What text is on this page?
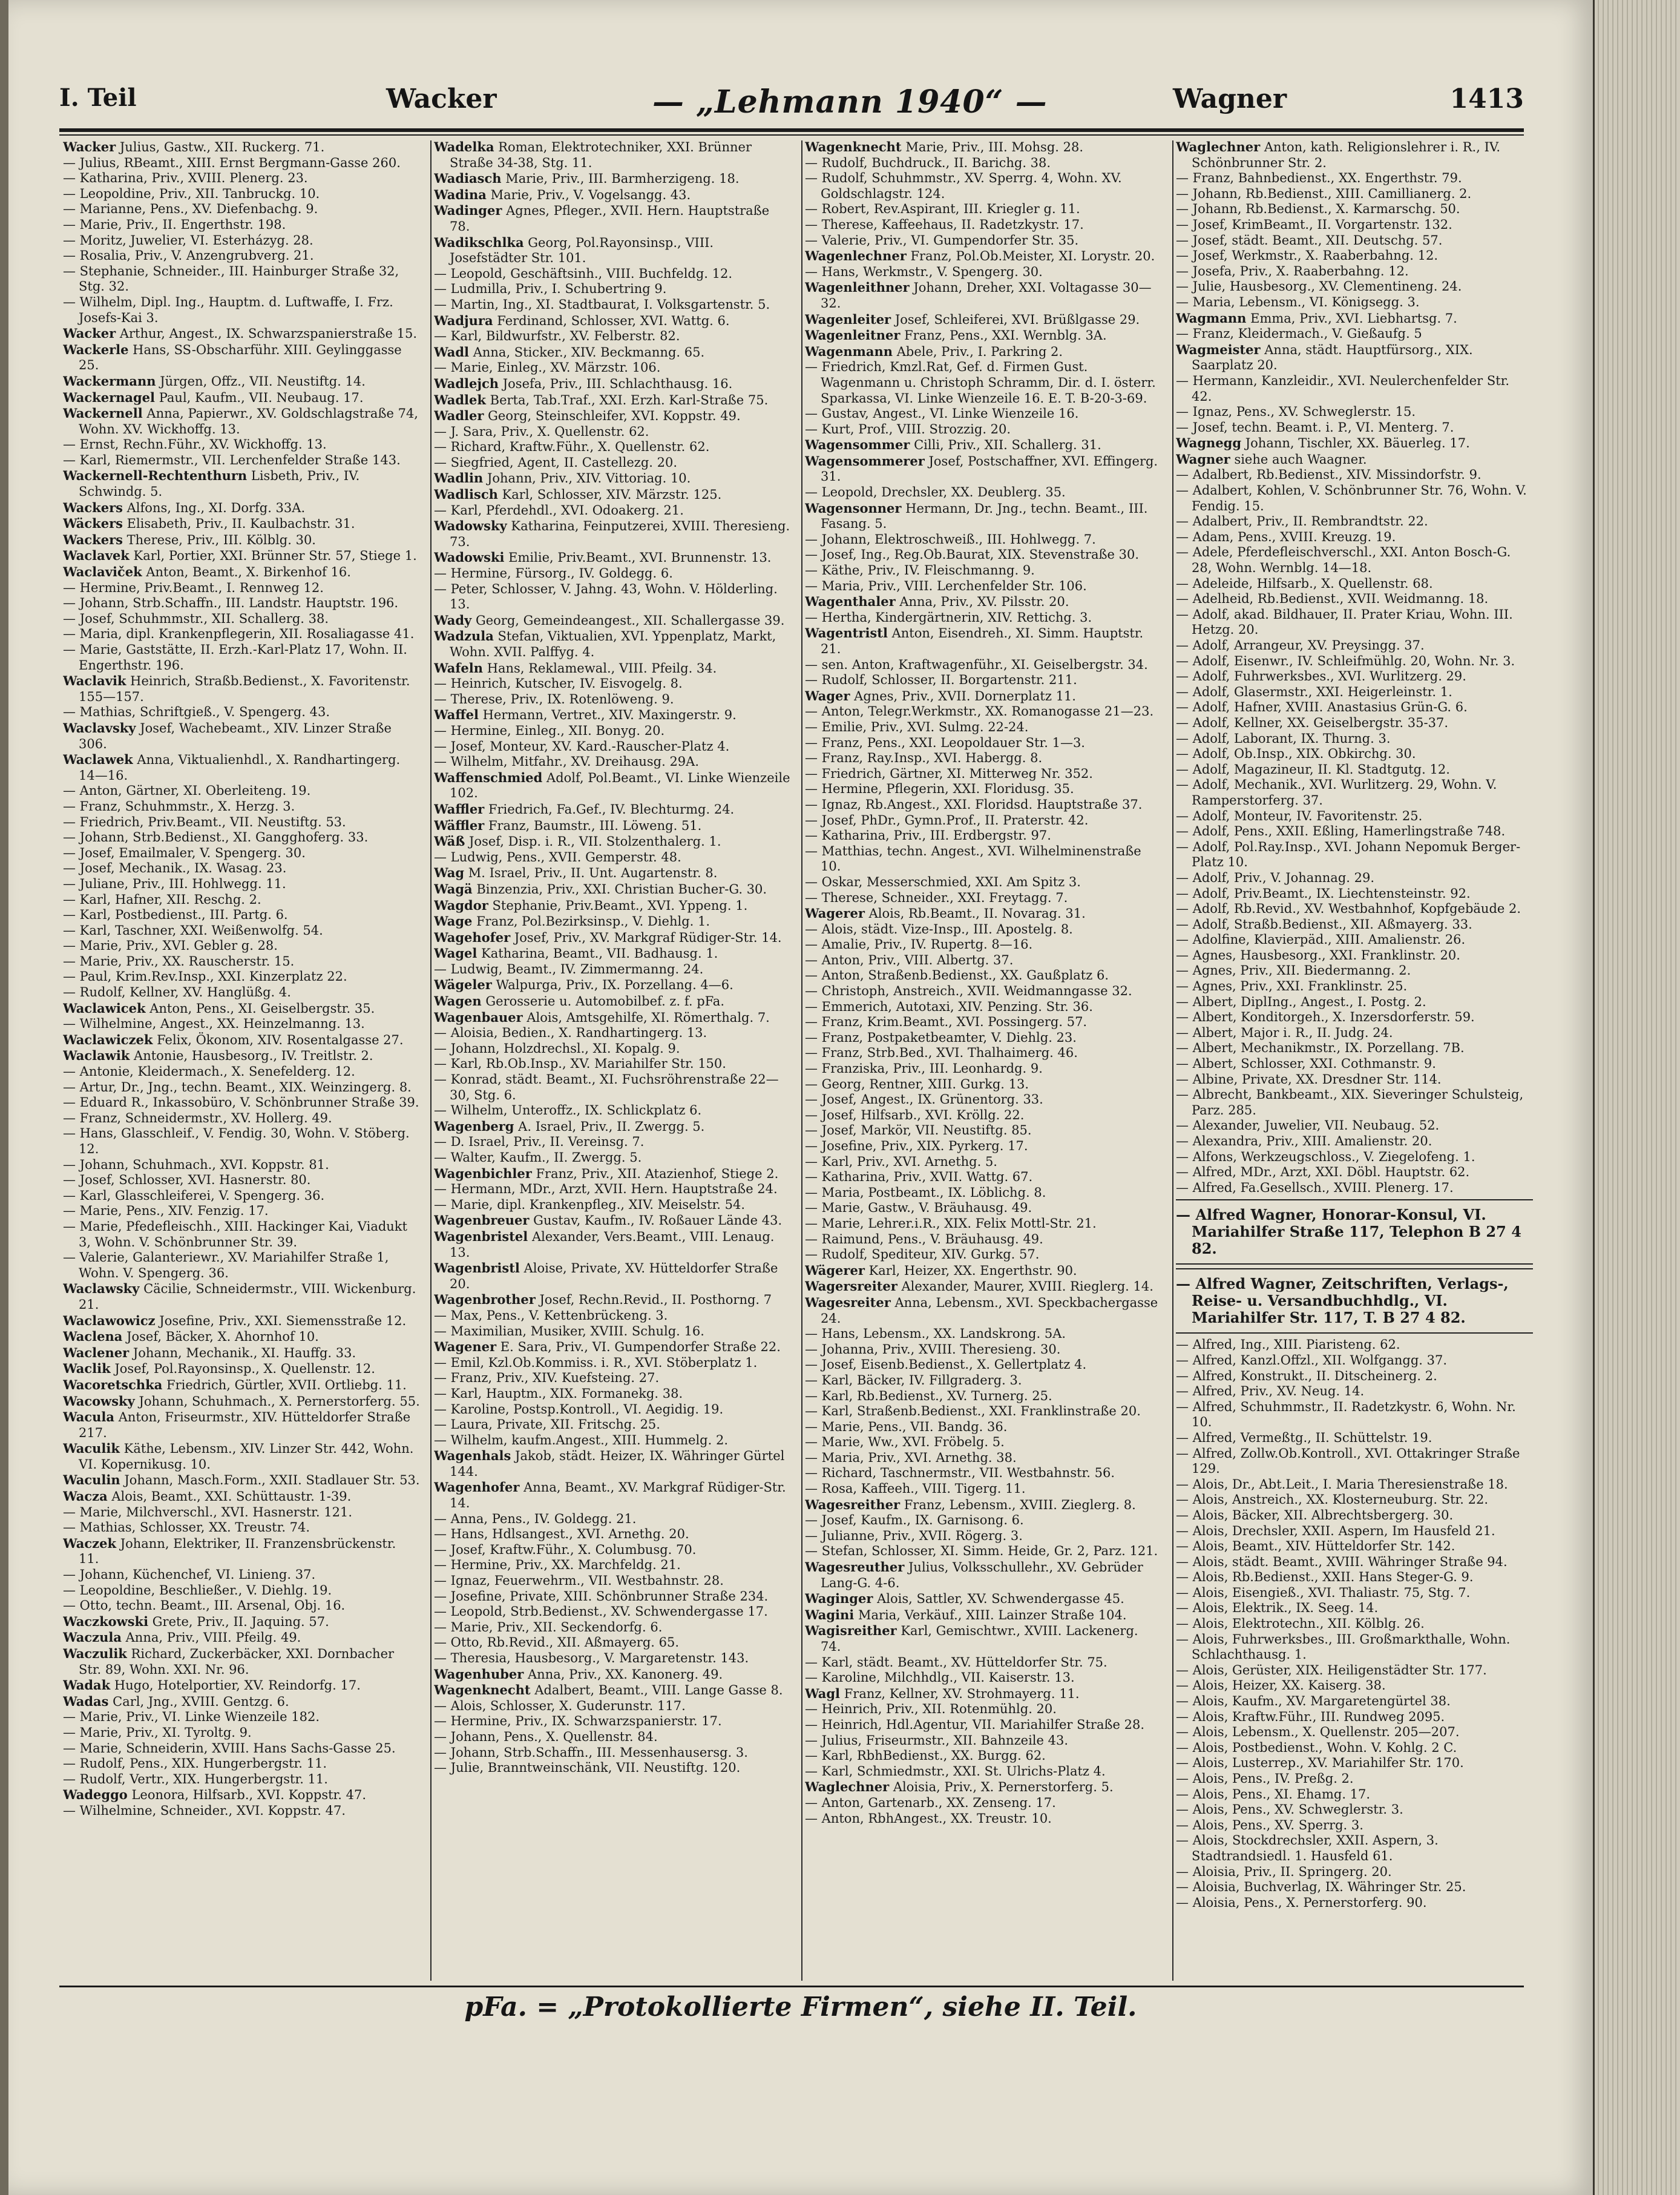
I. Teil	Wacker	— „Lehmann 1940“ —	Wagner	1413

Wacker Julius, Gastw., XII. Ruckerg. 71.

— Julius, RBeamt., XIII. Ernst Bergmann-Gasse 260.

— Katharina, Priv., XVIII. Plenerg. 23.

— Leopoldine, Priv., XII. Tanbruckg. 10.

— Marianne, Pens., XV. Diefenbachg. 9.

— Marie, Priv., II. Engerthstr. 198.

— Moritz, Juwelier, VI. Esterházyg. 28.

— Rosalia, Priv., V. Anzengrubverg. 21.

— Stephanie, Schneider., III. Hainburger Straße 32, Stg. 32.

— Wilhelm, Dipl. Ing., Hauptm. d. Luftwaffe, I. Frz. Josefs-Kai 3.

Wacker Arthur, Angest., IX. Schwarzspanierstraße 15.

Wackerle Hans, SS-Obscharführ. XIII. Geylinggasse 25.

Wackermann Jürgen, Offz., VII. Neustiftg. 14.

Wackernagel Paul, Kaufm., VII. Neubaug. 17.

Wackernell Anna, Papierwr., XV. Goldschlagstraße 74, Wohn. XV. Wickhoffg. 13.

— Ernst, Rechn.Führ., XV. Wickhoffg. 13.

— Karl, Riemermstr., VII. Lerchenfelder Straße 143.

Wackernell-Rechtenthurn Lisbeth, Priv., IV. Schwindg. 5.

Wackers Alfons, Ing., XI. Dorfg. 33A.

Wäckers Elisabeth, Priv., II. Kaulbachstr. 31.

Wackers Therese, Priv., III. Kölblg. 30.

Waclavek Karl, Portier, XXI. Brünner Str. 57, Stiege 1.

Waclaviček Anton, Beamt., X. Birkenhof 16.

— Hermine, Priv.Beamt., I. Rennweg 12.

— Johann, Strb.Schaffn., III. Landstr. Hauptstr. 196.

— Josef, Schuhmmstr., XII. Schallerg. 38.

— Maria, dipl. Krankenpflegerin, XII. Rosaliagasse 41.

— Marie, Gaststätte, II. Erzh.-Karl-Platz 17, Wohn. II. Engerthstr. 196.

Waclavik Heinrich, Straßb.Bedienst., X. Favoritenstr. 155—157.

— Mathias, Schriftgieß., V. Spengerg. 43.

Waclavsky Josef, Wachebeamt., XIV. Linzer Straße 306.

Waclawek Anna, Viktualienhdl., X. Randhartingerg. 14—16.

— Anton, Gärtner, XI. Oberleiteng. 19.

— Franz, Schuhmmstr., X. Herzg. 3.

— Friedrich, Priv.Beamt., VII. Neustiftg. 53.

— Johann, Strb.Bedienst., XI. Gangghoferg. 33.

— Josef, Emailmaler, V. Spengerg. 30.

— Josef, Mechanik., IX. Wasag. 23.

— Juliane, Priv., III. Hohlwegg. 11.

— Karl, Hafner, XII. Reschg. 2.

— Karl, Postbedienst., III. Partg. 6.

— Karl, Taschner, XXI. Weißenwolfg. 54.

— Marie, Priv., XVI. Gebler g. 28.

— Marie, Priv., XX. Rauscherstr. 15.

— Paul, Krim.Rev.Insp., XXI. Kinzerplatz 22.

— Rudolf, Kellner, XV. Hanglüßg. 4.

Waclawicek Anton, Pens., XI. Geiselbergstr. 35.

— Wilhelmine, Angest., XX. Heinzelmanng. 13.

Waclawiczek Felix, Ökonom, XIV. Rosentalgasse 27.

Waclawik Antonie, Hausbesorg., IV. Treitlstr. 2.

— Antonie, Kleidermach., X. Senefelderg. 12.

— Artur, Dr., Jng., techn. Beamt., XIX. Weinzingerg. 8.

— Eduard R., Inkassobüro, V. Schönbrunner Straße 39.

— Franz, Schneidermstr., XV. Hollerg. 49.

— Hans, Glasschleif., V. Fendig. 30, Wohn. V. Stöberg. 12.

— Johann, Schuhmach., XVI. Koppstr. 81.

— Josef, Schlosser, XVI. Hasnerstr. 80.

— Karl, Glasschleiferei, V. Spengerg. 36.

— Marie, Pens., XIV. Fenzig. 17.

— Marie, Pfedefleischh., XIII. Hackinger Kai, Viadukt 3, Wohn. V. Schönbrunner Str. 39.

— Valerie, Galanteriewr., XV. Mariahilfer Straße 1, Wohn. V. Spengerg. 36.

Waclawsky Cäcilie, Schneidermstr., VIII. Wickenburg. 21.

Waclawowicz Josefine, Priv., XXI. Siemensstraße 12.

Waclena Josef, Bäcker, X. Ahornhof 10.

Waclener Johann, Mechanik., XI. Hauffg. 33.

Waclik Josef, Pol.Rayonsinsp., X. Quellenstr. 12.

Wacoretschka Friedrich, Gürtler, XVII. Ortliebg. 11.

Wacowsky Johann, Schuhmach., X. Pernerstorferg. 55.

Wacula Anton, Friseurmstr., XIV. Hütteldorfer Straße 217.

Waculik Käthe, Lebensm., XIV. Linzer Str. 442, Wohn. VI. Kopernikusg. 10.

Waculin Johann, Masch.Form., XXII. Stadlauer Str. 53.

Wacza Alois, Beamt., XXI. Schüttaustr. 1-39.

— Marie, Milchverschl., XVI. Hasnerstr. 121.

— Mathias, Schlosser, XX. Treustr. 74.

Waczek Johann, Elektriker, II. Franzensbrückenstr. 11.

— Johann, Küchenchef, VI. Linieng. 37.

— Leopoldine, Beschließer., V. Diehlg. 19.

— Otto, techn. Beamt., III. Arsenal, Obj. 16.

Waczkowski Grete, Priv., II. Jaquing. 57.

Waczula Anna, Priv., VIII. Pfeilg. 49.

Waczulik Richard, Zuckerbäcker, XXI. Dornbacher Str. 89, Wohn. XXI. Nr. 96.

Wadak Hugo, Hotelportier, XV. Reindorfg. 17.

Wadas Carl, Jng., XVIII. Gentzg. 6.

— Marie, Priv., VI. Linke Wienzeile 182.

— Marie, Priv., XI. Tyroltg. 9.

— Marie, Schneiderin, XVIII. Hans Sachs-Gasse 25.

— Rudolf, Pens., XIX. Hungerbergstr. 11.

— Rudolf, Vertr., XIX. Hungerbergstr. 11.

Wadeggo Leonora, Hilfsarb., XVI. Koppstr. 47.

— Wilhelmine, Schneider., XVI. Koppstr. 47.

Wadelka Roman, Elektrotechniker, XXI. Brünner Straße 34-38, Stg. 11.

Wadiasch Marie, Priv., III. Barmherzigeng. 18.

Wadina Marie, Priv., V. Vogelsangg. 43.

Wadinger Agnes, Pfleger., XVII. Hern. Hauptstraße 78.

Wadikschlka Georg, Pol.Rayonsinsp., VIII. Josefstädter Str. 101.

— Leopold, Geschäftsinh., VIII. Buchfeldg. 12.

— Ludmilla, Priv., I. Schubertring 9.

— Martin, Ing., XI. Stadtbaurat, I. Volksgartenstr. 5.

Wadjura Ferdinand, Schlosser, XVI. Wattg. 6.

— Karl, Bildwurfstr., XV. Felberstr. 82.

Wadl Anna, Sticker., XIV. Beckmanng. 65.

— Marie, Einleg., XV. Märzstr. 106.

Wadlejch Josefa, Priv., III. Schlachthausg. 16.

Wadlek Berta, Tab.Traf., XXI. Erzh. Karl-Straße 75.

Wadler Georg, Steinschleifer, XVI. Koppstr. 49.

— J. Sara, Priv., X. Quellenstr. 62.

— Richard, Kraftw.Führ., X. Quellenstr. 62.

— Siegfried, Agent, II. Castellezg. 20.

Wadlin Johann, Priv., XIV. Vittoriag. 10.

Wadlisch Karl, Schlosser, XIV. Märzstr. 125.

— Karl, Pferdehdl., XVI. Odoakerg. 21.

Wadowsky Katharina, Feinputzerei, XVIII. Theresieng. 73.

Wadowski Emilie, Priv.Beamt., XVI. Brunnenstr. 13.

— Hermine, Fürsorg., IV. Goldegg. 6.

— Peter, Schlosser, V. Jahng. 43, Wohn. V. Hölderling. 13.

Wady Georg, Gemeindeangest., XII. Schallergasse 39.

Wadzula Stefan, Viktualien, XVI. Yppenplatz, Markt, Wohn. XVII. Palffyg. 4.

Wafeln Hans, Reklamewal., VIII. Pfeilg. 34.

— Heinrich, Kutscher, IV. Eisvogelg. 8.

— Therese, Priv., IX. Rotenlöweng. 9.

Waffel Hermann, Vertret., XIV. Maxingerstr. 9.

— Hermine, Einleg., XII. Bonyg. 20.

— Josef, Monteur, XV. Kard.-Rauscher-Platz 4.

— Wilhelm, Mitfahr., XV. Dreihausg. 29A.

Waffenschmied Adolf, Pol.Beamt., VI. Linke Wienzeile 102.

Waffler Friedrich, Fa.Gef., IV. Blechturmg. 24.

Wäffler Franz, Baumstr., III. Löweng. 51.

Wäß Josef, Disp. i. R., VII. Stolzenthalerg. 1.

— Ludwig, Pens., XVII. Gemperstr. 48.

Wag M. Israel, Priv., II. Unt. Augartenstr. 8.

Wagä Binzenzia, Priv., XXI. Christian Bucher-G. 30.

Wagdor Stephanie, Priv.Beamt., XVI. Yppeng. 1.

Wage Franz, Pol.Bezirksinsp., V. Diehlg. 1.

Wagehofer Josef, Priv., XV. Markgraf Rüdiger-Str. 14.

Wagel Katharina, Beamt., VII. Badhausg. 1.

— Ludwig, Beamt., IV. Zimmermanng. 24.

Wägeler Walpurga, Priv., IX. Porzellang. 4—6.

Wagen Gerosserie u. Automobilbef. z. f. pFa.

Wagenbauer Alois, Amtsgehilfe, XI. Römerthalg. 7.

— Aloisia, Bedien., X. Randhartingerg. 13.

— Johann, Holzdrechsl., XI. Kopalg. 9.

— Karl, Rb.Ob.Insp., XV. Mariahilfer Str. 150.

— Konrad, städt. Beamt., XI. Fuchsröhrenstraße 22—30, Stg. 6.

— Wilhelm, Unteroffz., IX. Schlickplatz 6.

Wagenberg A. Israel, Priv., II. Zwergg. 5.

— D. Israel, Priv., II. Vereinsg. 7.

— Walter, Kaufm., II. Zwergg. 5.

Wagenbichler Franz, Priv., XII. Atazienhof, Stiege 2.

— Hermann, MDr., Arzt, XVII. Hern. Hauptstraße 24.

— Marie, dipl. Krankenpfleg., XIV. Meiselstr. 54.

Wagenbreuer Gustav, Kaufm., IV. Roßauer Lände 43.

Wagenbristel Alexander, Vers.Beamt., VIII. Lenaug. 13.

Wagenbristl Aloise, Private, XV. Hütteldorfer Straße 20.

Wagenbrother Josef, Rechn.Revid., II. Posthorng. 7

— Max, Pens., V. Kettenbrückeng. 3.

— Maximilian, Musiker, XVIII. Schulg. 16.

Wagener E. Sara, Priv., VI. Gumpendorfer Straße 22.

— Emil, Kzl.Ob.Kommiss. i. R., XVI. Stöberplatz 1.

— Franz, Priv., XIV. Kuefsteing. 27.

— Karl, Hauptm., XIX. Formanekg. 38.

— Karoline, Postsp.Kontroll., VI. Aegidig. 19.

— Laura, Private, XII. Fritschg. 25.

— Wilhelm, kaufm.Angest., XIII. Hummelg. 2.

Wagenhals Jakob, städt. Heizer, IX. Währinger Gürtel 144.

Wagenhofer Anna, Beamt., XV. Markgraf Rüdiger-Str. 14.

— Anna, Pens., IV. Goldegg. 21.

— Hans, Hdlsangest., XVI. Arnethg. 20.

— Josef, Kraftw.Führ., X. Columbusg. 70.

— Hermine, Priv., XX. Marchfeldg. 21.

— Ignaz, Feuerwehrm., VII. Westbahnstr. 28.

— Josefine, Private, XIII. Schönbrunner Straße 234.

— Leopold, Strb.Bedienst., XV. Schwendergasse 17.

— Marie, Priv., XII. Seckendorfg. 6.

— Otto, Rb.Revid., XII. Aßmayerg. 65.

— Theresia, Hausbesorg., V. Margaretenstr. 143.

Wagenhuber Anna, Priv., XX. Kanonerg. 49.

Wagenknecht Adalbert, Beamt., VIII. Lange Gasse 8.

— Alois, Schlosser, X. Guderunstr. 117.

— Hermine, Priv., IX. Schwarzspanierstr. 17.

— Johann, Pens., X. Quellenstr. 84.

— Johann, Strb.Schaffn., III. Messenhausersg. 3.

— Julie, Branntweinschänk, VII. Neustiftg. 120.

Wagenknecht Marie, Priv., III. Mohsg. 28.

— Rudolf, Buchdruck., II. Barichg. 38.

— Rudolf, Schuhmmstr., XV. Sperrg. 4, Wohn. XV. Goldschlagstr. 124.

— Robert, Rev.Aspirant, III. Kriegler g. 11.

— Therese, Kaffeehaus, II. Radetzkystr. 17.

— Valerie, Priv., VI. Gumpendorfer Str. 35.

Wagenlechner Franz, Pol.Ob.Meister, XI. Lorystr. 20.

— Hans, Werkmstr., V. Spengerg. 30.

Wagenleithner Johann, Dreher, XXI. Voltagasse 30—32.

Wagenleiter Josef, Schleiferei, XVI. Brüßlgasse 29.

Wagenleitner Franz, Pens., XXI. Wernblg. 3A.

Wagenmann Abele, Priv., I. Parkring 2.

— Friedrich, Kmzl.Rat, Gef. d. Firmen Gust. Wagenmann u. Christoph Schramm, Dir. d. I. österr. Sparkassa, VI. Linke Wienzeile 16. E. T. B-20-3-69.

— Gustav, Angest., VI. Linke Wienzeile 16.

— Kurt, Prof., VIII. Strozzig. 20.

Wagensommer Cilli, Priv., XII. Schallerg. 31.

Wagensommerer Josef, Postschaffner, XVI. Effingerg. 31.

— Leopold, Drechsler, XX. Deublerg. 35.

Wagensonner Hermann, Dr. Jng., techn. Beamt., III. Fasang. 5.

— Johann, Elektroschweiß., III. Hohlwegg. 7.

— Josef, Ing., Reg.Ob.Baurat, XIX. Stevenstraße 30.

— Käthe, Priv., IV. Fleischmanng. 9.

— Maria, Priv., VIII. Lerchenfelder Str. 106.

Wagenthaler Anna, Priv., XV. Pilsstr. 20.

— Hertha, Kindergärtnerin, XIV. Rettichg. 3.

Wagentristl Anton, Eisendreh., XI. Simm. Hauptstr. 21.

— sen. Anton, Kraftwagenführ., XI. Geiselbergstr. 34.

— Rudolf, Schlosser, II. Borgartenstr. 211.

Wager Agnes, Priv., XVII. Dornerplatz 11.

— Anton, Telegr.Werkmstr., XX. Romanogasse 21—23.

— Emilie, Priv., XVI. Sulmg. 22-24.

— Franz, Pens., XXI. Leopoldauer Str. 1—3.

— Franz, Ray.Insp., XVI. Habergg. 8.

— Friedrich, Gärtner, XI. Mitterweg Nr. 352.

— Hermine, Pflegerin, XXI. Floridusg. 35.

— Ignaz, Rb.Angest., XXI. Floridsd. Hauptstraße 37.

— Josef, PhDr., Gymn.Prof., II. Praterstr. 42.

— Katharina, Priv., III. Erdbergstr. 97.

— Matthias, techn. Angest., XVI. Wilhelminenstraße 10.

— Oskar, Messerschmied, XXI. Am Spitz 3.

— Therese, Schneider., XXI. Freytagg. 7.

Wagerer Alois, Rb.Beamt., II. Novarag. 31.

— Alois, städt. Vize-Insp., III. Apostelg. 8.

— Amalie, Priv., IV. Rupertg. 8—16.

— Anton, Priv., VIII. Albertg. 37.

— Anton, Straßenb.Bedienst., XX. Gaußplatz 6.

— Christoph, Anstreich., XVII. Weidmanngasse 32.

— Emmerich, Autotaxi, XIV. Penzing. Str. 36.

— Franz, Krim.Beamt., XVI. Possingerg. 57.

— Franz, Postpaketbeamter, V. Diehlg. 23.

— Franz, Strb.Bed., XVI. Thalhaimerg. 46.

— Franziska, Priv., III. Leonhardg. 9.

— Georg, Rentner, XIII. Gurkg. 13.

— Josef, Angest., IX. Grünentorg. 33.

— Josef, Hilfsarb., XVI. Kröllg. 22.

— Josef, Markör, VII. Neustiftg. 85.

— Josefine, Priv., XIX. Pyrkerg. 17.

— Karl, Priv., XVI. Arnethg. 5.

— Katharina, Priv., XVII. Wattg. 67.

— Maria, Postbeamt., IX. Löblichg. 8.

— Marie, Gastw., V. Bräuhausg. 49.

— Marie, Lehrer.i.R., XIX. Felix Mottl-Str. 21.

— Raimund, Pens., V. Bräuhausg. 49.

— Rudolf, Spediteur, XIV. Gurkg. 57.

Wägerer Karl, Heizer, XX. Engerthstr. 90.

Wagersreiter Alexander, Maurer, XVIII. Rieglerg. 14.

Wagesreiter Anna, Lebensm., XVI. Speckbachergasse 24.

— Hans, Lebensm., XX. Landskrong. 5A.

— Johanna, Priv., XVIII. Theresieng. 30.

— Josef, Eisenb.Bedienst., X. Gellertplatz 4.

— Karl, Bäcker, IV. Fillgraderg. 3.

— Karl, Rb.Bedienst., XV. Turnerg. 25.

— Karl, Straßenb.Bedienst., XXI. Franklinstraße 20.

— Marie, Pens., VII. Bandg. 36.

— Marie, Ww., XVI. Fröbelg. 5.

— Maria, Priv., XVI. Arnethg. 38.

— Richard, Taschnermstr., VII. Westbahnstr. 56.

— Rosa, Kaffeeh., VIII. Tigerg. 11.

Wagesreither Franz, Lebensm., XVIII. Zieglerg. 8.

— Josef, Kaufm., IX. Garnisong. 6.

— Julianne, Priv., XVII. Rögerg. 3.

— Stefan, Schlosser, XI. Simm. Heide, Gr. 2, Parz. 121.

Wagesreuther Julius, Volksschullehr., XV. Gebrüder Lang-G. 4-6.

Waginger Alois, Sattler, XV. Schwendergasse 45.

Wagini Maria, Verkäuf., XIII. Lainzer Straße 104.

Wagisreither Karl, Gemischtwr., XVIII. Lackenerg. 74.

— Karl, städt. Beamt., XV. Hütteldorfer Str. 75.

— Karoline, Milchhdlg., VII. Kaiserstr. 13.

Wagl Franz, Kellner, XV. Strohmayerg. 11.

— Heinrich, Priv., XII. Rotenmühlg. 20.

— Heinrich, Hdl.Agentur, VII. Mariahilfer Straße 28.

— Julius, Friseurmstr., XII. Bahnzeile 43.

— Karl, RbhBedienst., XX. Burgg. 62.

— Karl, Schmiedmstr., XXI. St. Ulrichs-Platz 4.

Waglechner Aloisia, Priv., X. Pernerstorferg. 5.

— Anton, Gartenarb., XX. Zenseng. 17.

— Anton, RbhAngest., XX. Treustr. 10.

Waglechner Anton, kath. Religionslehrer i. R., IV. Schönbrunner Str. 2.

— Franz, Bahnbedienst., XX. Engerthstr. 79.

— Johann, Rb.Bedienst., XIII. Camillianerg. 2.

— Johann, Rb.Bedienst., X. Karmarschg. 50.

— Josef, KrimBeamt., II. Vorgartenstr. 132.

— Josef, städt. Beamt., XII. Deutschg. 57.

— Josef, Werkmstr., X. Raaberbahng. 12.

— Josefa, Priv., X. Raaberbahng. 12.

— Julie, Hausbesorg., XV. Clementineng. 24.

— Maria, Lebensm., VI. Königsegg. 3.

Wagmann Emma, Priv., XVI. Liebhartsg. 7.

— Franz, Kleidermach., V. Gießaufg. 5

Wagmeister Anna, städt. Hauptfürsorg., XIX. Saarplatz 20.

— Hermann, Kanzleidir., XVI. Neulerchenfelder Str. 42.

— Ignaz, Pens., XV. Schweglerstr. 15.

— Josef, techn. Beamt. i. P., VI. Menterg. 7.

Wagnegg Johann, Tischler, XX. Bäuerleg. 17.

Wagner siehe auch Waagner.

— Adalbert, Rb.Bedienst., XIV. Missindorfstr. 9.

— Adalbert, Kohlen, V. Schönbrunner Str. 76, Wohn. V. Fendig. 15.

— Adalbert, Priv., II. Rembrandtstr. 22.

— Adam, Pens., XVIII. Kreuzg. 19.

— Adele, Pferdefleischverschl., XXI. Anton Bosch-G. 28, Wohn. Wernblg. 14—18.

— Adeleide, Hilfsarb., X. Quellenstr. 68.

— Adelheid, Rb.Bedienst., XVII. Weidmanng. 18.

— Adolf, akad. Bildhauer, II. Prater Kriau, Wohn. III. Hetzg. 20.

— Adolf, Arrangeur, XV. Preysingg. 37.

— Adolf, Eisenwr., IV. Schleifmühlg. 20, Wohn. Nr. 3.

— Adolf, Fuhrwerksbes., XVI. Wurlitzerg. 29.

— Adolf, Glasermstr., XXI. Heigerleinstr. 1.

— Adolf, Hafner, XVIII. Anastasius Grün-G. 6.

— Adolf, Kellner, XX. Geiselbergstr. 35-37.

— Adolf, Laborant, IX. Thurng. 3.

— Adolf, Ob.Insp., XIX. Obkirchg. 30.

— Adolf, Magazineur, II. Kl. Stadtgutg. 12.

— Adolf, Mechanik., XVI. Wurlitzerg. 29, Wohn. V. Ramperstorferg. 37.

— Adolf, Monteur, IV. Favoritenstr. 25.

— Adolf, Pens., XXII. Eßling, Hamerlingstraße 748.

— Adolf, Pol.Ray.Insp., XVI. Johann Nepomuk Berger-Platz 10.

— Adolf, Priv., V. Johannag. 29.

— Adolf, Priv.Beamt., IX. Liechtensteinstr. 92.

— Adolf, Rb.Revid., XV. Westbahnhof, Kopfgebäude 2.

— Adolf, Straßb.Bedienst., XII. Aßmayerg. 33.

— Adolfine, Klavierpäd., XIII. Amalienstr. 26.

— Agnes, Hausbesorg., XXI. Franklinstr. 20.

— Agnes, Priv., XII. Biedermanng. 2.

— Agnes, Priv., XXI. Franklinstr. 25.

— Albert, DiplIng., Angest., I. Postg. 2.

— Albert, Konditorgeh., X. Inzersdorferstr. 59.

— Albert, Major i. R., II. Judg. 24.

— Albert, Mechanikmstr., IX. Porzellang. 7B.

— Albert, Schlosser, XXI. Cothmanstr. 9.

— Albine, Private, XX. Dresdner Str. 114.

— Albrecht, Bankbeamt., XIX. Sieveringer Schulsteig, Parz. 285.

— Alexander, Juwelier, VII. Neubaug. 52.

— Alexandra, Priv., XIII. Amalienstr. 20.

— Alfons, Werkzeugschloss., V. Ziegelofeng. 1.

— Alfred, MDr., Arzt, XXI. Döbl. Hauptstr. 62.

— Alfred, Fa.Gesellsch., XVIII. Plenerg. 17.

— Alfred Wagner, Honorar-Konsul, VI. Mariahilfer Straße 117, Telephon B 27 4 82.
— Alfred Wagner, Zeitschriften, Verlags-, Reise- u. Versandbuchhdlg., VI. Mariahilfer Str. 117, T. B 27 4 82.

— Alfred, Ing., XIII. Piaristeng. 62.

— Alfred, Kanzl.Offzl., XII. Wolfgangg. 37.

— Alfred, Konstrukt., II. Ditscheinerg. 2.

— Alfred, Priv., XV. Neug. 14.

— Alfred, Schuhmmstr., II. Radetzkystr. 6, Wohn. Nr. 10.

— Alfred, Vermeßtg., II. Schüttelstr. 19.

— Alfred, Zollw.Ob.Kontroll., XVI. Ottakringer Straße 129.

— Alois, Dr., Abt.Leit., I. Maria Theresienstraße 18.

— Alois, Anstreich., XX. Klosterneuburg. Str. 22.

— Alois, Bäcker, XII. Albrechtsbergerg. 30.

— Alois, Drechsler, XXII. Aspern, Im Hausfeld 21.

— Alois, Beamt., XIV. Hütteldorfer Str. 142.

— Alois, städt. Beamt., XVIII. Währinger Straße 94.

— Alois, Rb.Bedienst., XXII. Hans Steger-G. 9.

— Alois, Eisengieß., XVI. Thaliastr. 75, Stg. 7.

— Alois, Elektrik., IX. Seeg. 14.

— Alois, Elektrotechn., XII. Kölblg. 26.

— Alois, Fuhrwerksbes., III. Großmarkthalle, Wohn. Schlachthausg. 1.

— Alois, Gerüster, XIX. Heiligenstädter Str. 177.

— Alois, Heizer, XX. Kaiserg. 38.

— Alois, Kaufm., XV. Margaretengürtel 38.

— Alois, Kraftw.Führ., III. Rundweg 2095.

— Alois, Lebensm., X. Quellenstr. 205—207.

— Alois, Postbedienst., Wohn. V. Kohlg. 2 C.

— Alois, Lusterrep., XV. Mariahilfer Str. 170.

— Alois, Pens., IV. Preßg. 2.

— Alois, Pens., XI. Ehamg. 17.

— Alois, Pens., XV. Schweglerstr. 3.

— Alois, Pens., XV. Sperrg. 3.

— Alois, Stockdrechsler, XXII. Aspern, 3. Stadtrandsiedl. 1. Hausfeld 61.

— Aloisia, Priv., II. Springerg. 20.

— Aloisia, Buchverlag, IX. Währinger Str. 25.

— Aloisia, Pens., X. Pernerstorferg. 90.

pFa. = „Protokollierte Firmen“, siehe II. Teil.
